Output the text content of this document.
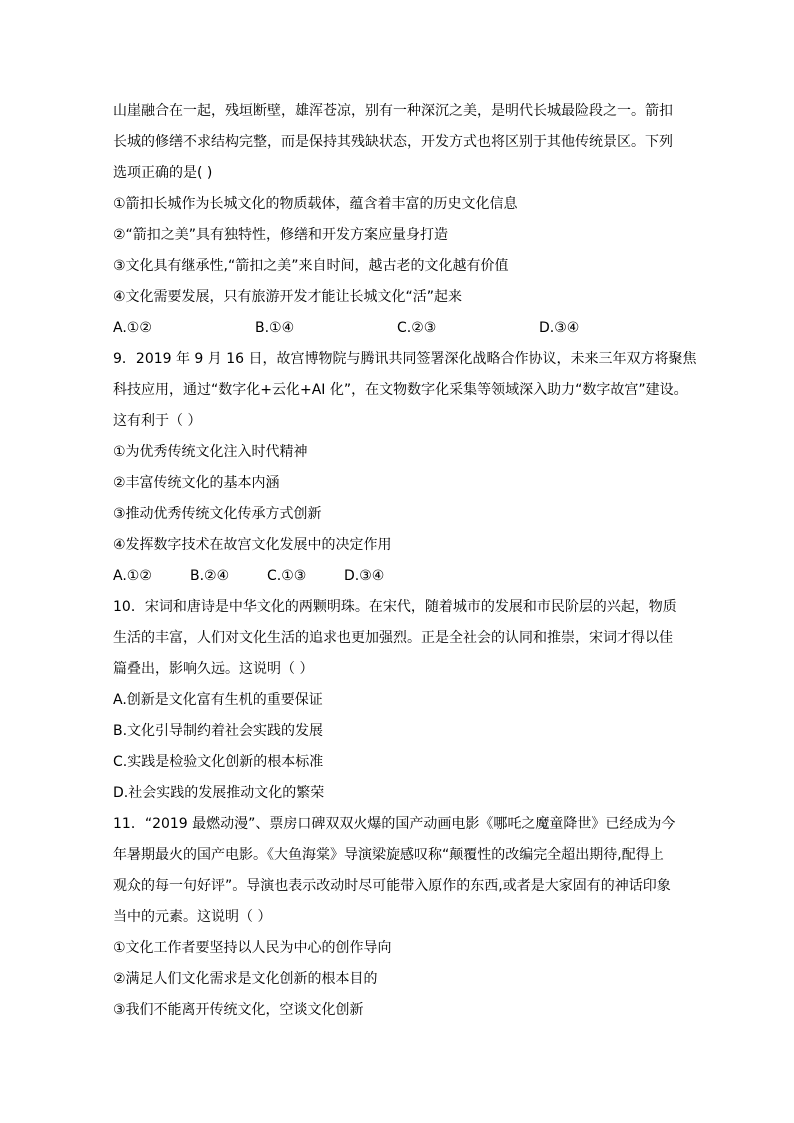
山崖融合在一起，残垣断壁，雄浑苍凉，别有一种深沉之美，是明代长城最险段之一。箭扣
长城的修缮不求结构完整，而是保持其残缺状态，开发方式也将区别于其他传统景区。下列
选项正确的是( )
①箭扣长城作为长城文化的物质载体，蕴含着丰富的历史文化信息
②“箭扣之美”具有独特性，修缮和开发方案应量身打造
③文化具有继承性,“箭扣之美”来自时间，越古老的文化越有价值
④文化需要发展，只有旅游开发才能让长城文化“活”起来
A.①②	B.①④	C.②③	D.③④
9．2019 年 9 月 16 日，故宫博物院与腾讯共同签署深化战略合作协议，未来三年双方将聚焦
科技应用，通过“数字化+云化+AI 化”，在文物数字化采集等领域深入助力“数字故宫”建设。
这有利于（ ）
①为优秀传统文化注入时代精神
②丰富传统文化的基本内涵
③推动优秀传统文化传承方式创新
④发挥数字技术在故宫文化发展中的决定作用
A.①②	B.②④	C.①③	D.③④
10．宋词和唐诗是中华文化的两颗明珠。在宋代，随着城市的发展和市民阶层的兴起，物质
生活的丰富，人们对文化生活的追求也更加强烈。正是全社会的认同和推崇，宋词才得以佳
篇叠出，影响久远。这说明（ ）
A.创新是文化富有生机的重要保证
B.文化引导制约着社会实践的发展
C.实践是检验文化创新的根本标准
D.社会实践的发展推动文化的繁荣
11．“2019 最燃动漫”、票房口碑双双火爆的国产动画电影《哪吒之魔童降世》已经成为今
年暑期最火的国产电影。《大鱼海棠》导演梁旋感叹称“颠覆性的改编完全超出期待,配得上
观众的每一句好评”。导演也表示改动时尽可能带入原作的东西,或者是大家固有的神话印象
当中的元素。这说明（ ）
①文化工作者要坚持以人民为中心的创作导向
②满足人们文化需求是文化创新的根本目的
③我们不能离开传统文化，空谈文化创新
